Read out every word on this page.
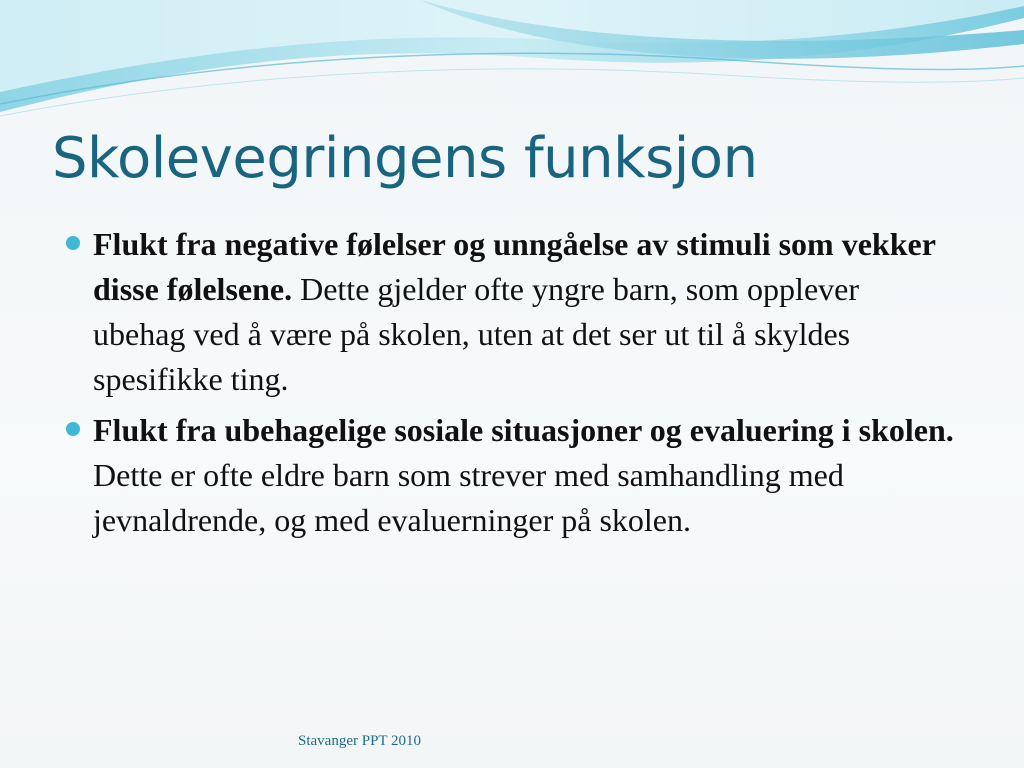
Skolevegringens funksjon
Flukt fra negative følelser og unngåelse av stimuli som vekker disse følelsene. Dette gjelder ofte yngre barn, som opplever ubehag ved å være på skolen, uten at det ser ut til å skyldes spesifikke ting.
Flukt fra ubehagelige sosiale situasjoner og evaluering i skolen. Dette er ofte eldre barn som strever med samhandling med jevnaldrende, og med evaluerninger på skolen.
Stavanger PPT 2010
